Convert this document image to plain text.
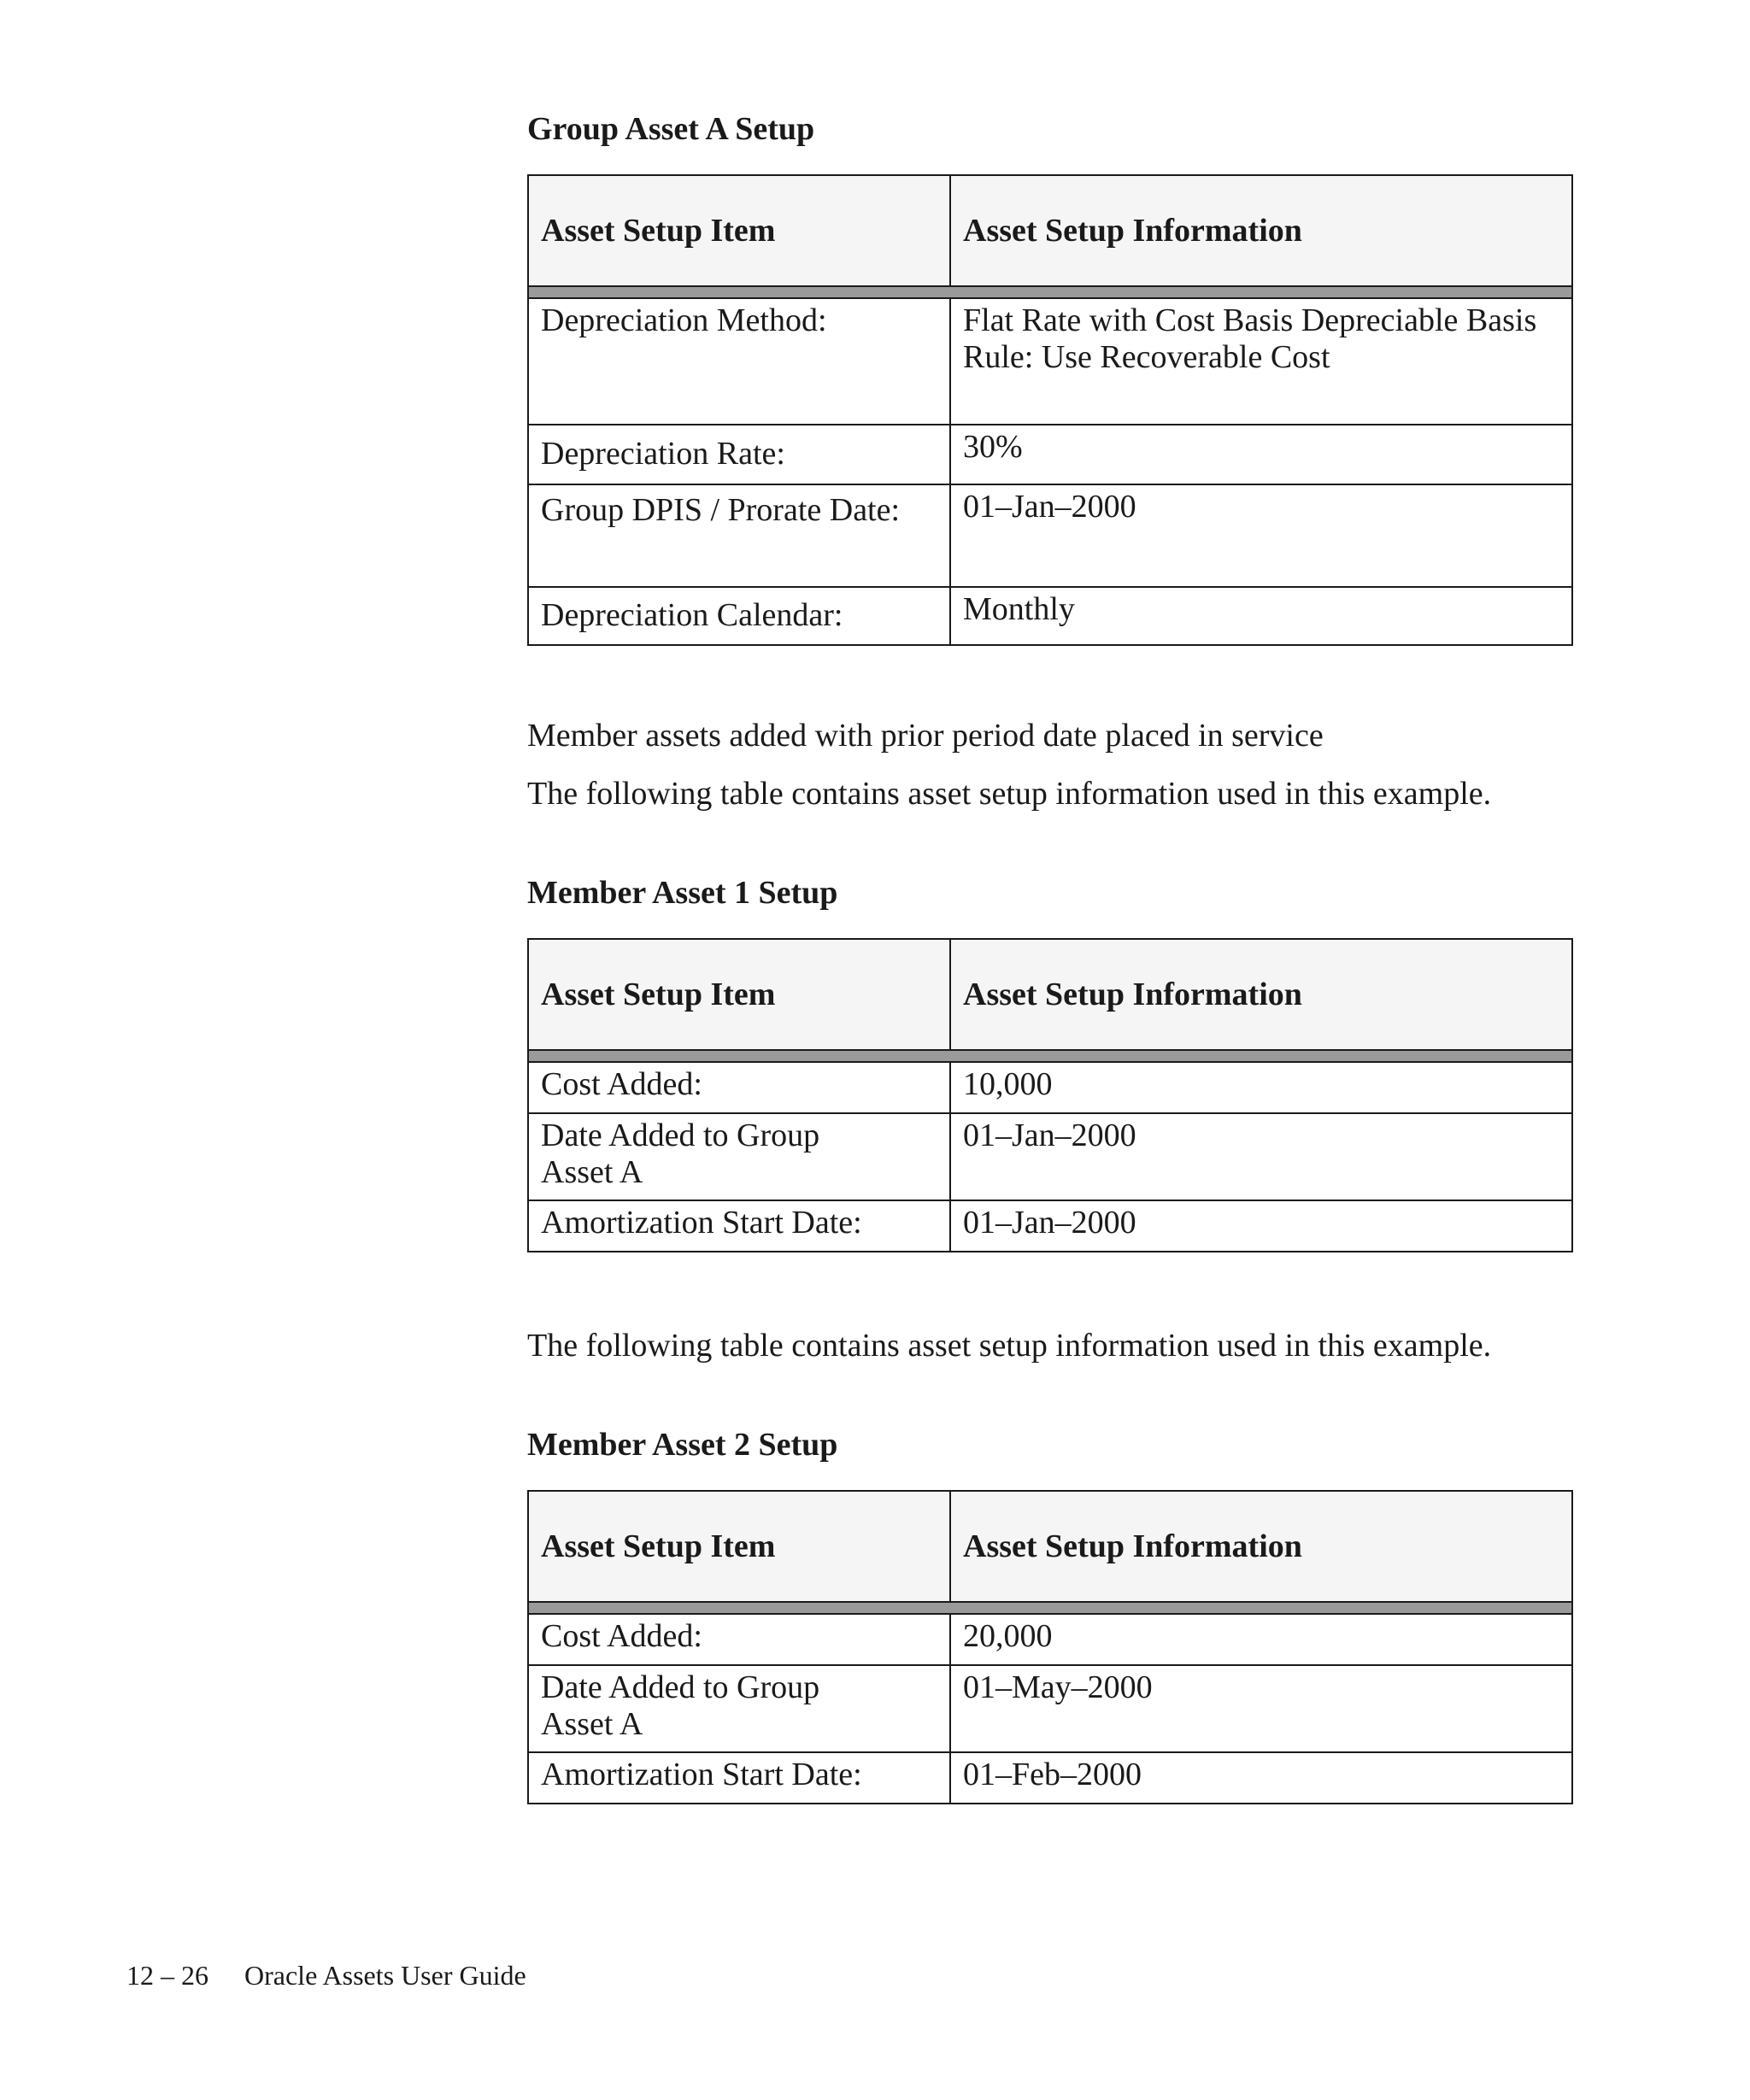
Group Asset A Setup

Asset Setup Item	Asset Setup Information

Depreciation Method:	Flat Rate with Cost Basis Depreciable Basis Rule: Use Recoverable Cost
Depreciation Rate:	30%
Group DPIS / Prorate Date:	01–Jan–2000
Depreciation Calendar:	Monthly

Member assets added with prior period date placed in service

The following table contains asset setup information used in this example.

Member Asset 1 Setup

Asset Setup Item	Asset Setup Information

Cost Added:	10,000
Date Added to Group Asset A	01–Jan–2000
Amortization Start Date:	01–Jan–2000

The following table contains asset setup information used in this example.

Member Asset 2 Setup

Asset Setup Item	Asset Setup Information

Cost Added:	20,000
Date Added to Group Asset A	01–May–2000
Amortization Start Date:	01–Feb–2000
12 – 26 Oracle Assets User Guide
